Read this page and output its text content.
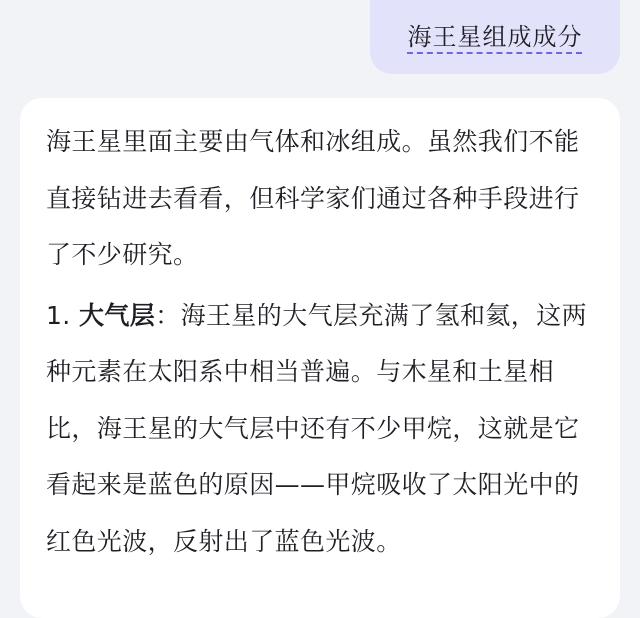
海王星组成成分

海王星里面主要由气体和冰组成。虽然我们不能直接钻进去看看，但科学家们通过各种手段进行了不少研究。

1. 大气层：海王星的大气层充满了氢和氦，这两种元素在太阳系中相当普遍。与木星和土星相比，海王星的大气层中还有不少甲烷，这就是它看起来是蓝色的原因——甲烷吸收了太阳光中的红色光波，反射出了蓝色光波。
